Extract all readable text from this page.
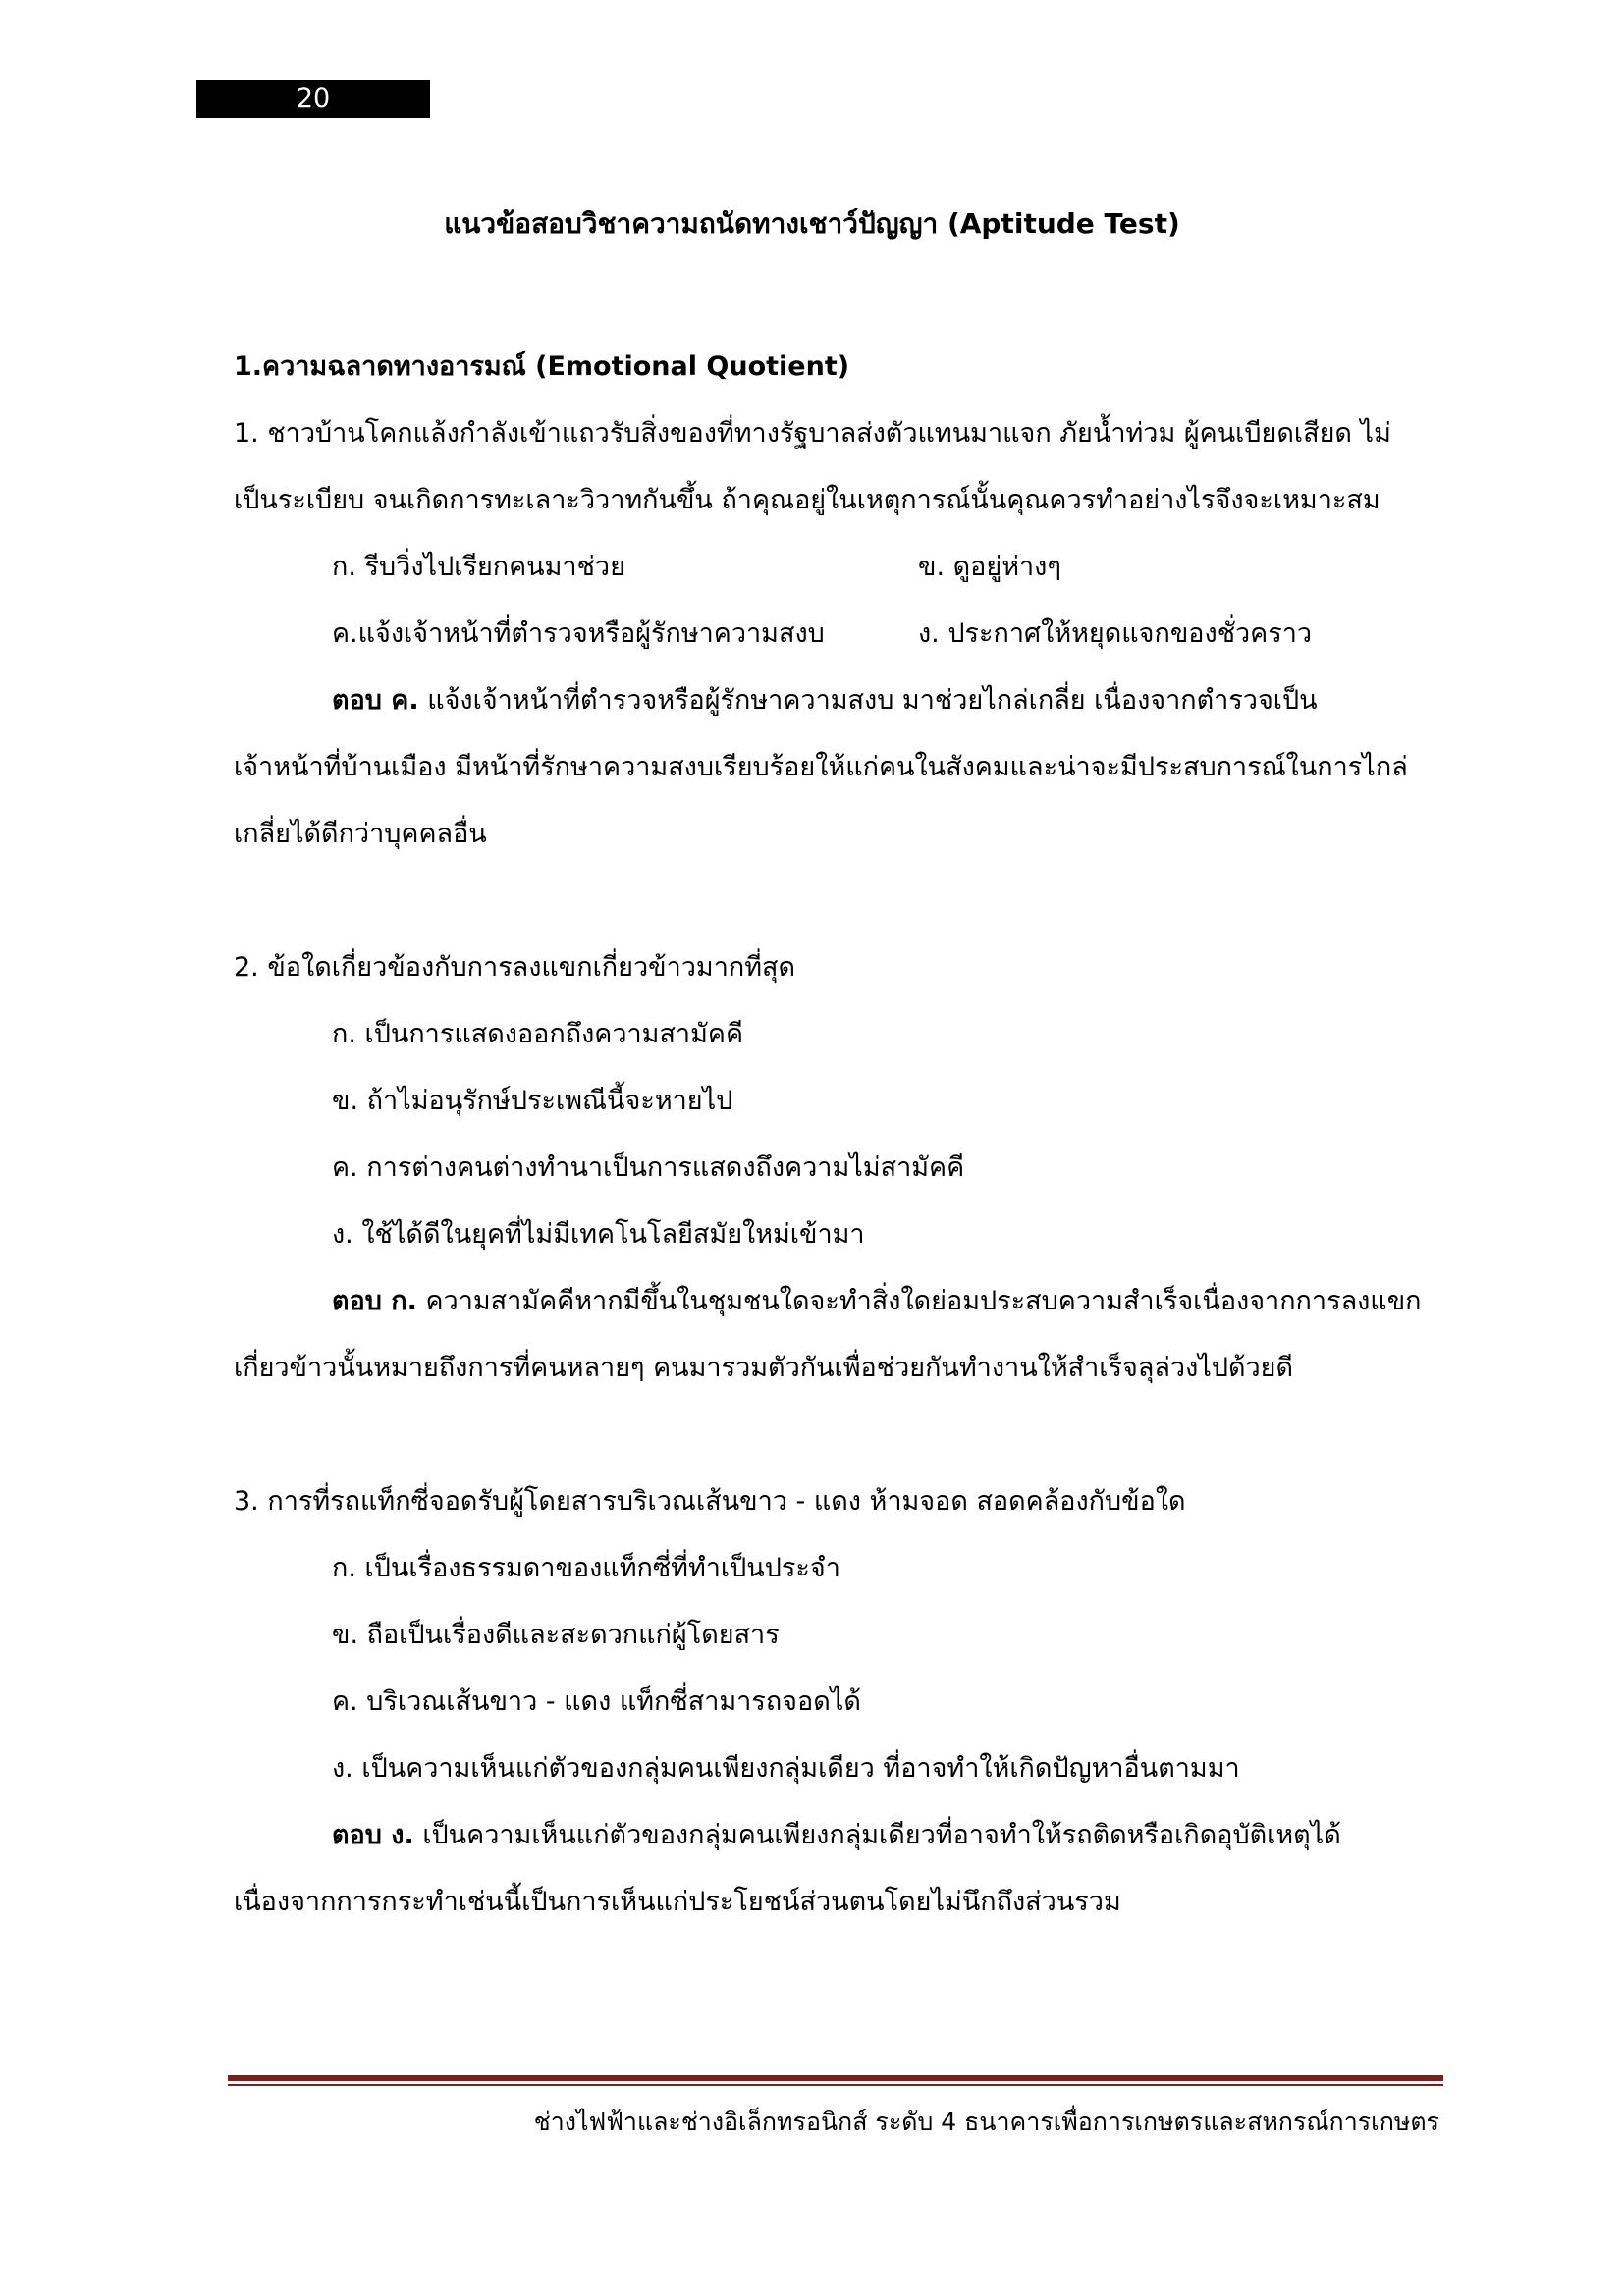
20
แนวข้อสอบวิชาความถนัดทางเชาว์ปัญญา (Aptitude Test)
1.ความฉลาดทางอารมณ์ (Emotional Quotient)
1. ชาวบ้านโคกแล้งกำลังเข้าแถวรับสิ่งของที่ทางรัฐบาลส่งตัวแทนมาแจก ภัยน้ำท่วม ผู้คนเบียดเสียด ไม่
เป็นระเบียบ จนเกิดการทะเลาะวิวาทกันขึ้น ถ้าคุณอยู่ในเหตุการณ์นั้นคุณควรทำอย่างไรจึงจะเหมาะสม
ก. รีบวิ่งไปเรียกคนมาช่วย	ข. ดูอยู่ห่างๆ
ค.แจ้งเจ้าหน้าที่ตำรวจหรือผู้รักษาความสงบ	ง. ประกาศให้หยุดแจกของชั่วคราว
ตอบ ค. แจ้งเจ้าหน้าที่ตำรวจหรือผู้รักษาความสงบ มาช่วยไกล่เกลี่ย เนื่องจากตำรวจเป็น
เจ้าหน้าที่บ้านเมือง มีหน้าที่รักษาความสงบเรียบร้อยให้แก่คนในสังคมและน่าจะมีประสบการณ์ในการไกล่
เกลี่ยได้ดีกว่าบุคคลอื่น
2. ข้อใดเกี่ยวข้องกับการลงแขกเกี่ยวข้าวมากที่สุด
ก. เป็นการแสดงออกถึงความสามัคคี
ข. ถ้าไม่อนุรักษ์ประเพณีนี้จะหายไป
ค. การต่างคนต่างทำนาเป็นการแสดงถึงความไม่สามัคคี
ง. ใช้ได้ดีในยุคที่ไม่มีเทคโนโลยีสมัยใหม่เข้ามา
ตอบ ก. ความสามัคคีหากมีขึ้นในชุมชนใดจะทำสิ่งใดย่อมประสบความสำเร็จเนื่องจากการลงแขก
เกี่ยวข้าวนั้นหมายถึงการที่คนหลายๆ คนมารวมตัวกันเพื่อช่วยกันทำงานให้สำเร็จลุล่วงไปด้วยดี
3. การที่รถแท็กซี่จอดรับผู้โดยสารบริเวณเส้นขาว - แดง ห้ามจอด สอดคล้องกับข้อใด
ก. เป็นเรื่องธรรมดาของแท็กซี่ที่ทำเป็นประจำ
ข. ถือเป็นเรื่องดีและสะดวกแก่ผู้โดยสาร
ค. บริเวณเส้นขาว - แดง แท็กซี่สามารถจอดได้
ง. เป็นความเห็นแก่ตัวของกลุ่มคนเพียงกลุ่มเดียว ที่อาจทำให้เกิดปัญหาอื่นตามมา
ตอบ ง. เป็นความเห็นแก่ตัวของกลุ่มคนเพียงกลุ่มเดียวที่อาจทำให้รถติดหรือเกิดอุบัติเหตุได้
เนื่องจากการกระทำเช่นนี้เป็นการเห็นแก่ประโยชน์ส่วนตนโดยไม่นึกถึงส่วนรวม
ช่างไฟฟ้าและช่างอิเล็กทรอนิกส์ ระดับ 4 ธนาคารเพื่อการเกษตรและสหกรณ์การเกษตร
